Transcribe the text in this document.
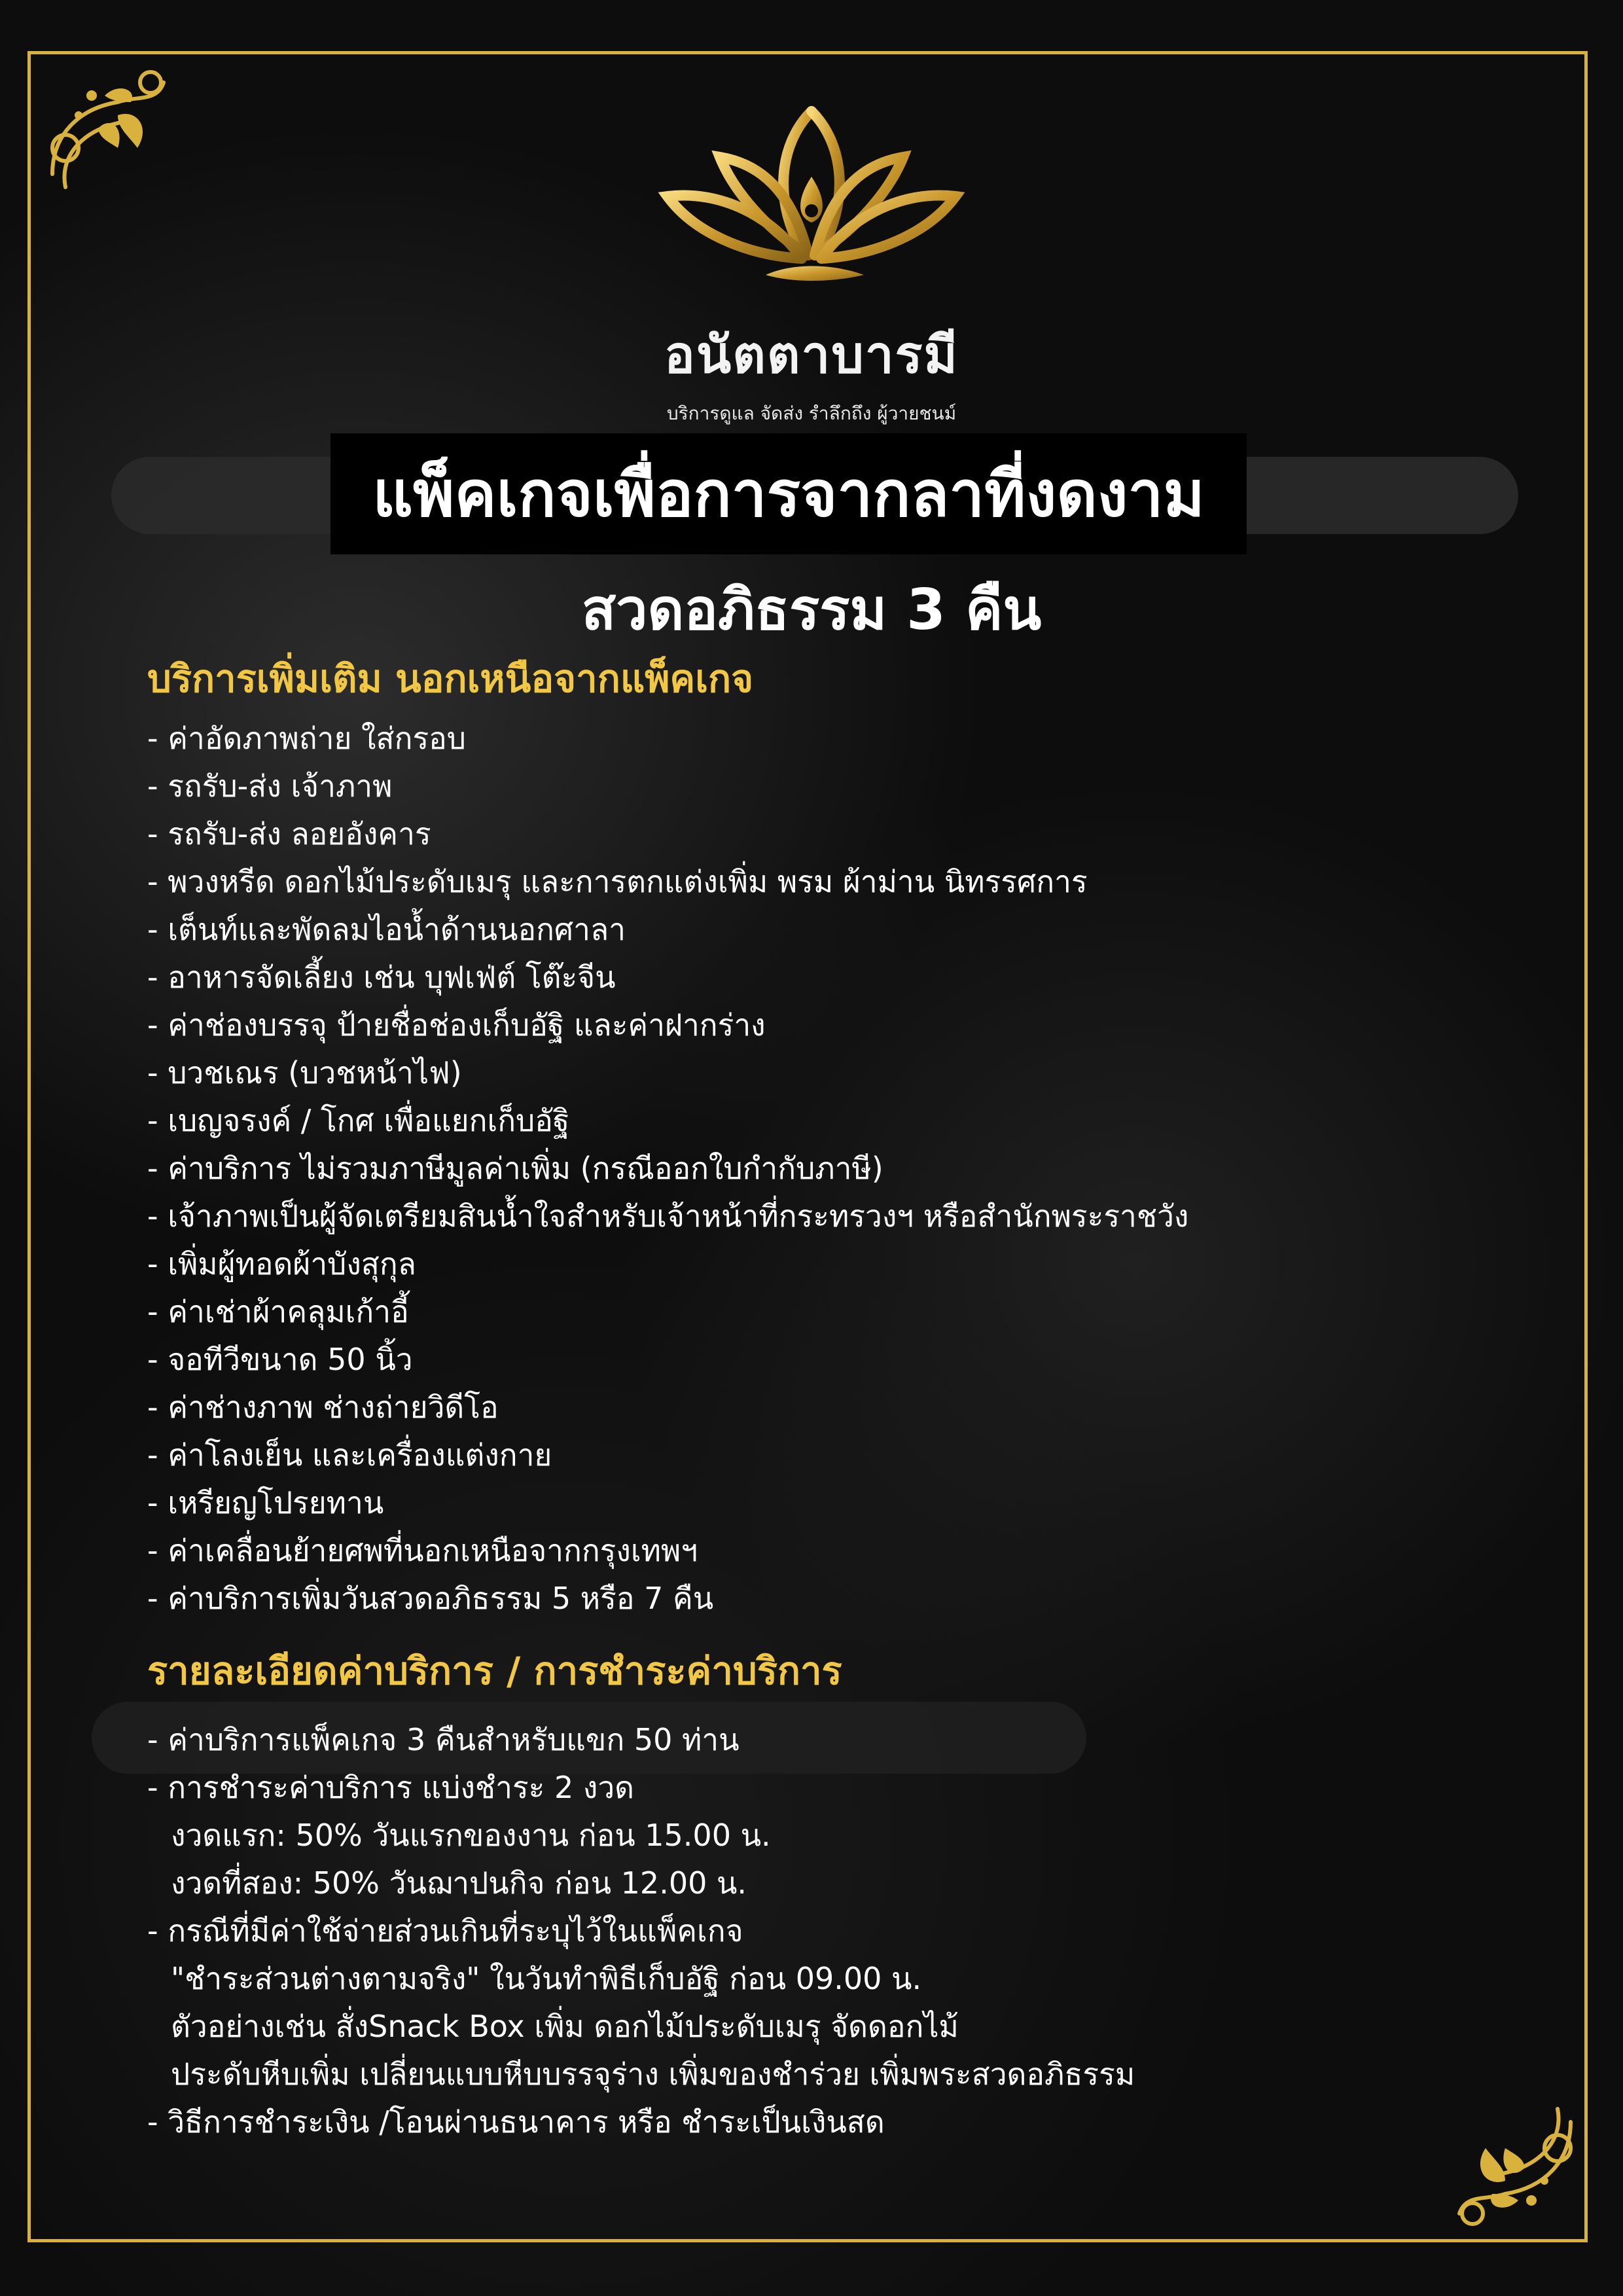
อนัตตาบารมี
บริการดูแล จัดส่ง รำลึกถึง ผู้วายชนม์
แพ็คเกจเพื่อการจากลาที่งดงาม
สวดอภิธรรม 3 คืน
บริการเพิ่มเติม นอกเหนือจากแพ็คเกจ
- ค่าอัดภาพถ่าย ใส่กรอบ
- รถรับ-ส่ง เจ้าภาพ
- รถรับ-ส่ง ลอยอังคาร
- พวงหรีด ดอกไม้ประดับเมรุ และการตกแต่งเพิ่ม พรม ผ้าม่าน นิทรรศการ
- เต็นท์และพัดลมไอน้ำด้านนอกศาลา
- อาหารจัดเลี้ยง เช่น บุฟเฟ่ต์ โต๊ะจีน
- ค่าช่องบรรจุ ป้ายชื่อช่องเก็บอัฐิ และค่าฝากร่าง
- บวชเณร (บวชหน้าไฟ)
- เบญจรงค์ / โกศ เพื่อแยกเก็บอัฐิ
- ค่าบริการ ไม่รวมภาษีมูลค่าเพิ่ม (กรณีออกใบกำกับภาษี)
- เจ้าภาพเป็นผู้จัดเตรียมสินน้ำใจสำหรับเจ้าหน้าที่กระทรวงฯ หรือสำนักพระราชวัง
- เพิ่มผู้ทอดผ้าบังสุกุล
- ค่าเช่าผ้าคลุมเก้าอี้
- จอทีวีขนาด 50 นิ้ว
- ค่าช่างภาพ ช่างถ่ายวิดีโอ
- ค่าโลงเย็น และเครื่องแต่งกาย
- เหรียญโปรยทาน
- ค่าเคลื่อนย้ายศพที่นอกเหนือจากกรุงเทพฯ
- ค่าบริการเพิ่มวันสวดอภิธรรม 5 หรือ 7 คืน
รายละเอียดค่าบริการ / การชำระค่าบริการ
- ค่าบริการแพ็คเกจ 3 คืนสำหรับแขก 50 ท่าน
- การชำระค่าบริการ แบ่งชำระ 2 งวด
งวดแรก: 50% วันแรกของงาน ก่อน 15.00 น.
งวดที่สอง: 50% วันฌาปนกิจ ก่อน 12.00 น.
- กรณีที่มีค่าใช้จ่ายส่วนเกินที่ระบุไว้ในแพ็คเกจ
"ชำระส่วนต่างตามจริง" ในวันทำพิธีเก็บอัฐิ ก่อน 09.00 น.
ตัวอย่างเช่น สั่งSnack Box เพิ่ม ดอกไม้ประดับเมรุ จัดดอกไม้
ประดับหีบเพิ่ม เปลี่ยนแบบหีบบรรจุร่าง เพิ่มของชำร่วย เพิ่มพระสวดอภิธรรม
- วิธีการชำระเงิน /โอนผ่านธนาคาร หรือ ชำระเป็นเงินสด
